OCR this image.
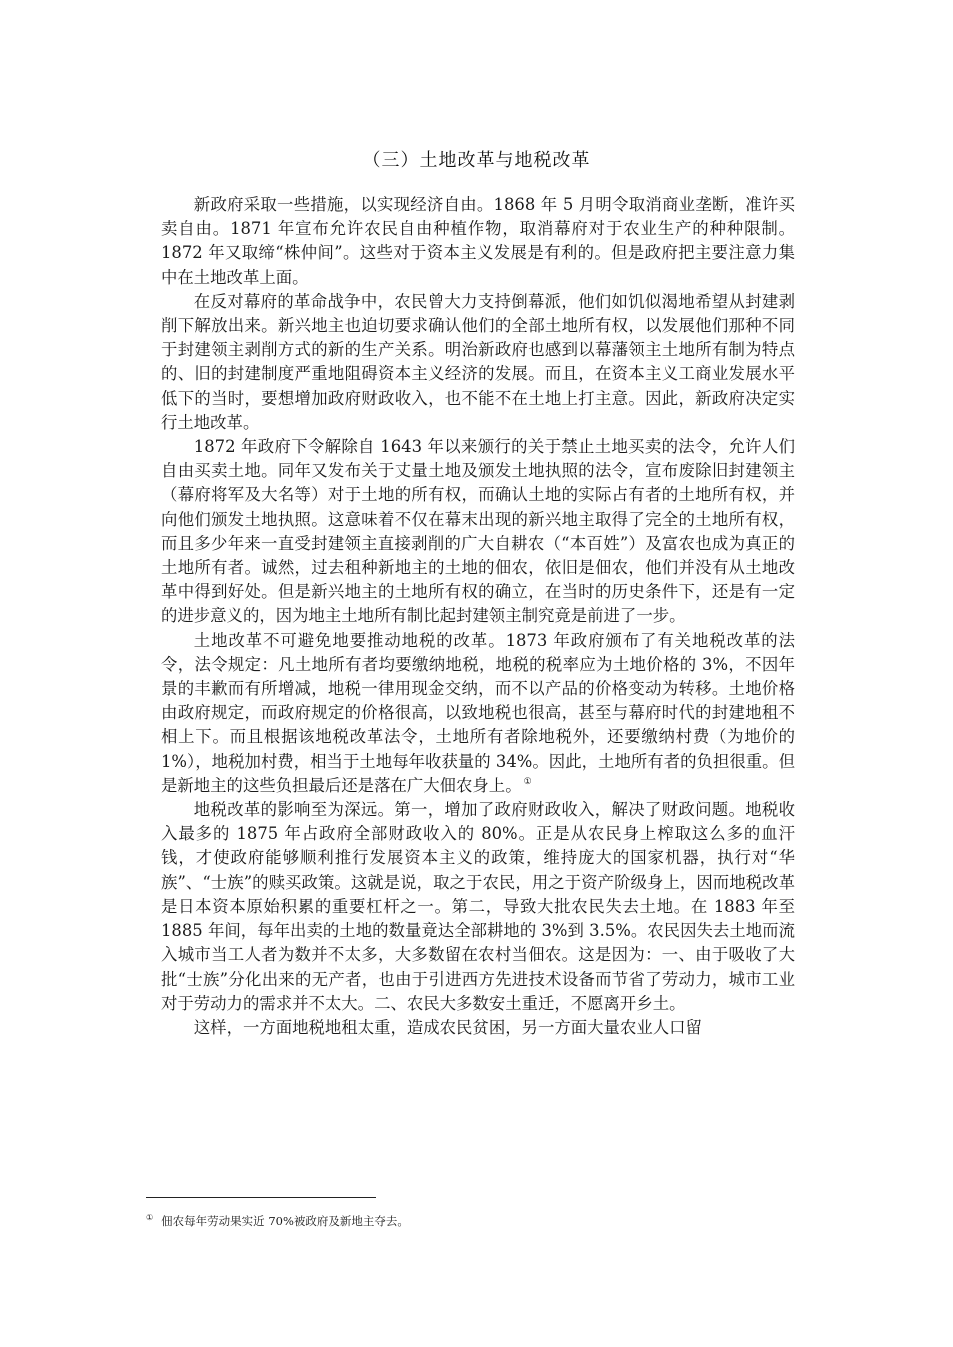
（三）土地改革与地税改革

新政府采取一些措施，以实现经济自由。1868 年 5 月明令取消商业垄断，准许买卖自由。1871 年宣布允许农民自由种植作物，取消幕府对于农业生产的种种限制。1872 年又取缔“株仲间”。这些对于资本主义发展是有利的。但是政府把主要注意力集中在土地改革上面。

在反对幕府的革命战争中，农民曾大力支持倒幕派，他们如饥似渴地希望从封建剥削下解放出来。新兴地主也迫切要求确认他们的全部土地所有权，以发展他们那种不同于封建领主剥削方式的新的生产关系。明治新政府也感到以幕藩领主土地所有制为特点的、旧的封建制度严重地阻碍资本主义经济的发展。而且，在资本主义工商业发展水平低下的当时，要想增加政府财政收入，也不能不在土地上打主意。因此，新政府决定实行土地改革。

1872 年政府下令解除自 1643 年以来颁行的关于禁止土地买卖的法令，允许人们自由买卖土地。同年又发布关于丈量土地及颁发土地执照的法令，宣布废除旧封建领主（幕府将军及大名等）对于土地的所有权，而确认土地的实际占有者的土地所有权，并向他们颁发土地执照。这意味着不仅在幕末出现的新兴地主取得了完全的土地所有权，而且多少年来一直受封建领主直接剥削的广大自耕农（“本百姓”）及富农也成为真正的土地所有者。诚然，过去租种新地主的土地的佃农，依旧是佃农，他们并没有从土地改革中得到好处。但是新兴地主的土地所有权的确立，在当时的历史条件下，还是有一定的进步意义的，因为地主土地所有制比起封建领主制究竟是前进了一步。

土地改革不可避免地要推动地税的改革。1873 年政府颁布了有关地税改革的法令，法令规定：凡土地所有者均要缴纳地税，地税的税率应为土地价格的 3%，不因年景的丰歉而有所增减，地税一律用现金交纳，而不以产品的价格变动为转移。土地价格由政府规定，而政府规定的价格很高，以致地税也很高，甚至与幕府时代的封建地租不相上下。而且根据该地税改革法令，土地所有者除地税外，还要缴纳村费（为地价的 1%），地税加村费，相当于土地每年收获量的 34%。因此，土地所有者的负担很重。但是新地主的这些负担最后还是落在广大佃农身上。 ①

地税改革的影响至为深远。第一，增加了政府财政收入，解决了财政问题。地税收入最多的 1875 年占政府全部财政收入的 80%。正是从农民身上榨取这么多的血汗钱，才使政府能够顺利推行发展资本主义的政策，维持庞大的国家机器，执行对“华族”、“士族”的赎买政策。这就是说，取之于农民，用之于资产阶级身上，因而地税改革是日本资本原始积累的重要杠杆之一。第二，导致大批农民失去土地。在 1883 年至 1885 年间，每年出卖的土地的数量竟达全部耕地的 3%到 3.5%。农民因失去土地而流入城市当工人者为数并不太多，大多数留在农村当佃农。这是因为：一、由于吸收了大批“士族”分化出来的无产者，也由于引进西方先进技术设备而节省了劳动力，城市工业对于劳动力的需求并不太大。二、农民大多数安土重迁，不愿离开乡土。

这样，一方面地税地租太重，造成农民贫困，另一方面大量农业人口留

① 佃农每年劳动果实近 70%被政府及新地主夺去。
